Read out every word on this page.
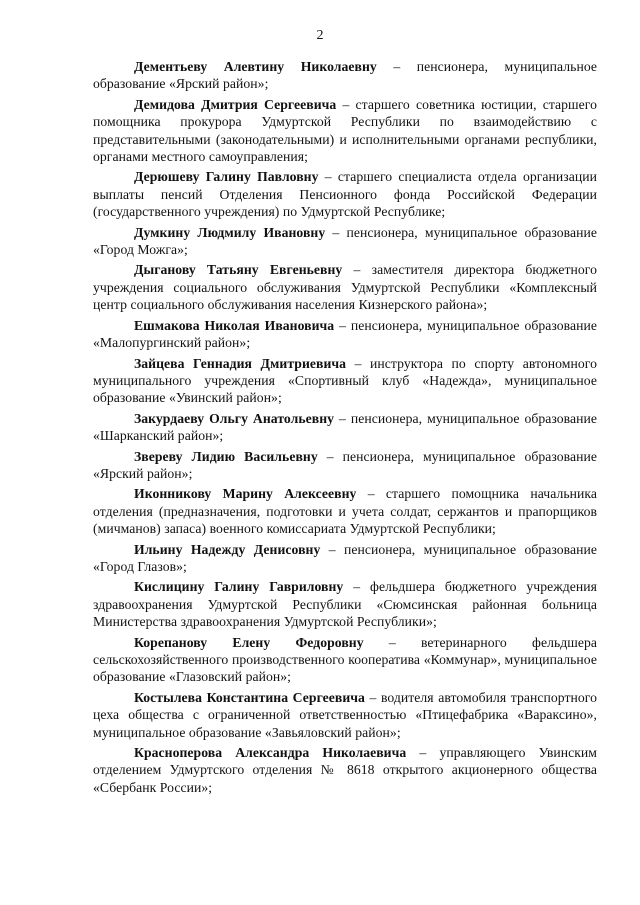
2

Дементьеву Алевтину Николаевну – пенсионера, муниципальное образование «Ярский район»;

Демидова Дмитрия Сергеевича – старшего советника юстиции, старшего помощника прокурора Удмуртской Республики по взаимодействию с представительными (законодательными) и исполнительными органами республики, органами местного самоуправления;

Дерюшеву Галину Павловну – старшего специалиста отдела организации выплаты пенсий Отделения Пенсионного фонда Российской Федерации (государственного учреждения) по Удмуртской Республике;

Думкину Людмилу Ивановну – пенсионера, муниципальное образование «Город Можга»;

Дыганову Татьяну Евгеньевну – заместителя директора бюджетного учреждения социального обслуживания Удмуртской Республики «Комплексный центр социального обслуживания населения Кизнерского района»;

Ешмакова Николая Ивановича – пенсионера, муниципальное образование «Малопургинский район»;

Зайцева Геннадия Дмитриевича – инструктора по спорту автономного муниципального учреждения «Спортивный клуб «Надежда», муниципальное образование «Увинский район»;

Закурдаеву Ольгу Анатольевну – пенсионера, муниципальное образование «Шарканский район»;

Звереву Лидию Васильевну – пенсионера, муниципальное образование «Ярский район»;

Иконникову Марину Алексеевну – старшего помощника начальника отделения (предназначения, подготовки и учета солдат, сержантов и прапорщиков (мичманов) запаса) военного комиссариата Удмуртской Республики;

Ильину Надежду Денисовну – пенсионера, муниципальное образование «Город Глазов»;

Кислицину Галину Гавриловну – фельдшера бюджетного учреждения здравоохранения Удмуртской Республики «Сюмсинская районная больница Министерства здравоохранения Удмуртской Республики»;

Корепанову Елену Федоровну – ветеринарного фельдшера сельскохозяйственного производственного кооператива «Коммунар», муниципальное образование «Глазовский район»;

Костылева Константина Сергеевича – водителя автомобиля транспортного цеха общества с ограниченной ответственностью «Птицефабрика «Вараксино», муниципальное образование «Завьяловский район»;

Красноперова Александра Николаевича – управляющего Увинским отделением Удмуртского отделения № 8618 открытого акционерного общества «Сбербанк России»;
